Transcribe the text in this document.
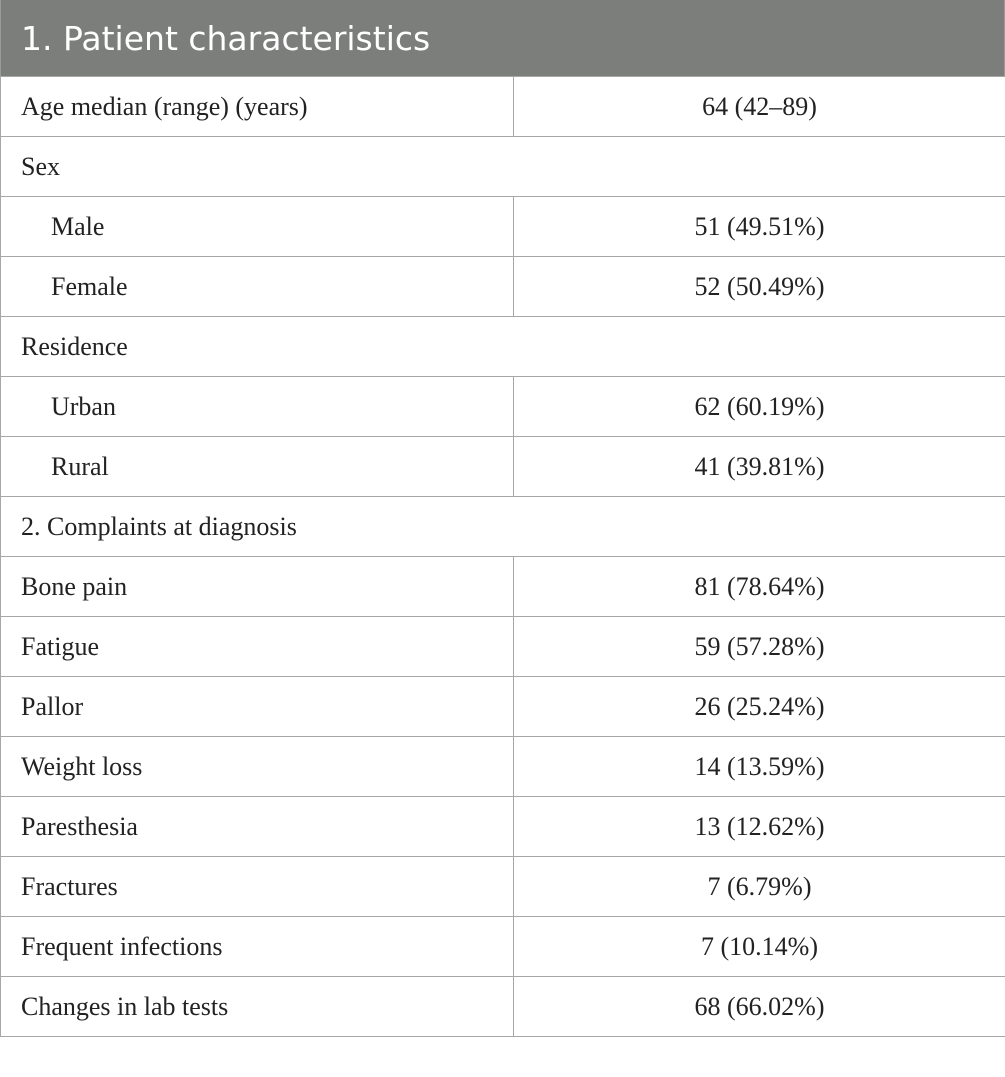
1. Patient characteristics
Age median (range) (years)	64 (42–89)
Sex	
Male	51 (49.51%)
Female	52 (50.49%)
Residence	
Urban	62 (60.19%)
Rural	41 (39.81%)
2. Complaints at diagnosis	
Bone pain	81 (78.64%)
Fatigue	59 (57.28%)
Pallor	26 (25.24%)
Weight loss	14 (13.59%)
Paresthesia	13 (12.62%)
Fractures	7 (6.79%)
Frequent infections	7 (10.14%)
Changes in lab tests	68 (66.02%)
